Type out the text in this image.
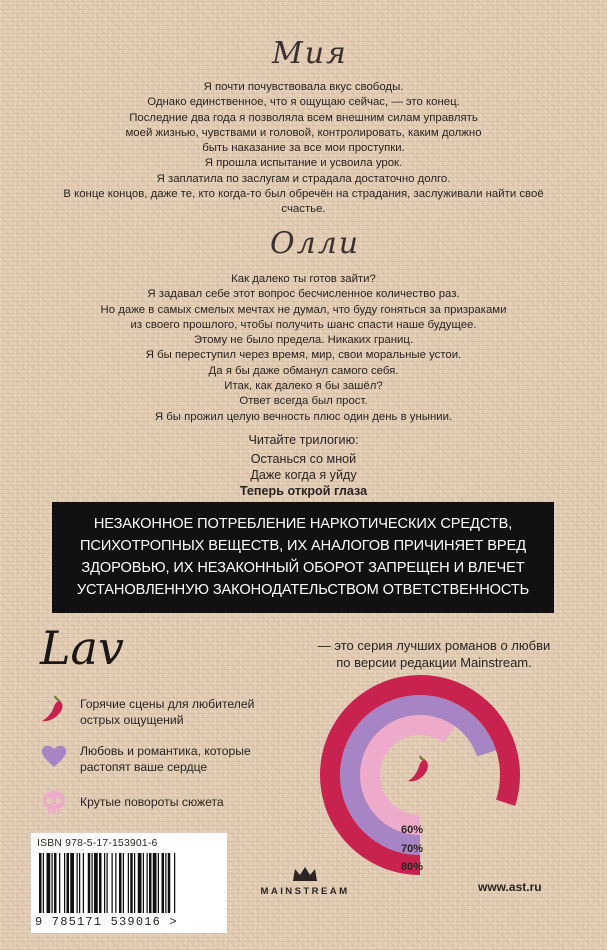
Мия
Я почти почувствовала вкус свободы.
Однако единственное, что я ощущаю сейчас, — это конец.
Последние два года я позволяла всем внешним силам управлять
моей жизнью, чувствами и головой, контролировать, каким должно
быть наказание за все мои проступки.
Я прошла испытание и усвоила урок.
Я заплатила по заслугам и страдала достаточно долго.
В конце концов, даже те, кто когда-то был обречён на страдания, заслуживали найти своё
счастье.
Олли
Как далеко ты готов зайти?
Я задавал себе этот вопрос бесчисленное количество раз.
Но даже в самых смелых мечтах не думал, что буду гоняться за призраками
из своего прошлого, чтобы получить шанс спасти наше будущее.
Этому не было предела. Никаких границ.
Я бы переступил через время, мир, свои моральные устои.
Да я бы даже обманул самого себя.
Итак, как далеко я бы зашёл?
Ответ всегда был прост.
Я бы прожил целую вечность плюс один день в унынии.
Читайте трилогию:
Останься со мной
Даже когда я уйду
Теперь открой глаза
НЕЗАКОННОЕ ПОТРЕБЛЕНИЕ НАРКОТИЧЕСКИХ СРЕДСТВ,
ПСИХОТРОПНЫХ ВЕЩЕСТВ, ИХ АНАЛОГОВ ПРИЧИНЯЕТ ВРЕД
ЗДОРОВЬЮ, ИХ НЕЗАКОННЫЙ ОБОРОТ ЗАПРЕЩЕН И ВЛЕЧЕТ
УСТАНОВЛЕННУЮ ЗАКОНОДАТЕЛЬСТВОМ ОТВЕТСТВЕННОСТЬ
Lav	— это серия лучших романов о любви
по версии редакции Mainstream.
Горячие сцены для любителей
острых ощущений
Любовь и романтика, которые
растопят ваше сердце
Крутые повороты сюжета
60%
70%
80%
ISBN 978-5-17-153901-6
9 785171 539016 >
MAINSTREAM	www.ast.ru
